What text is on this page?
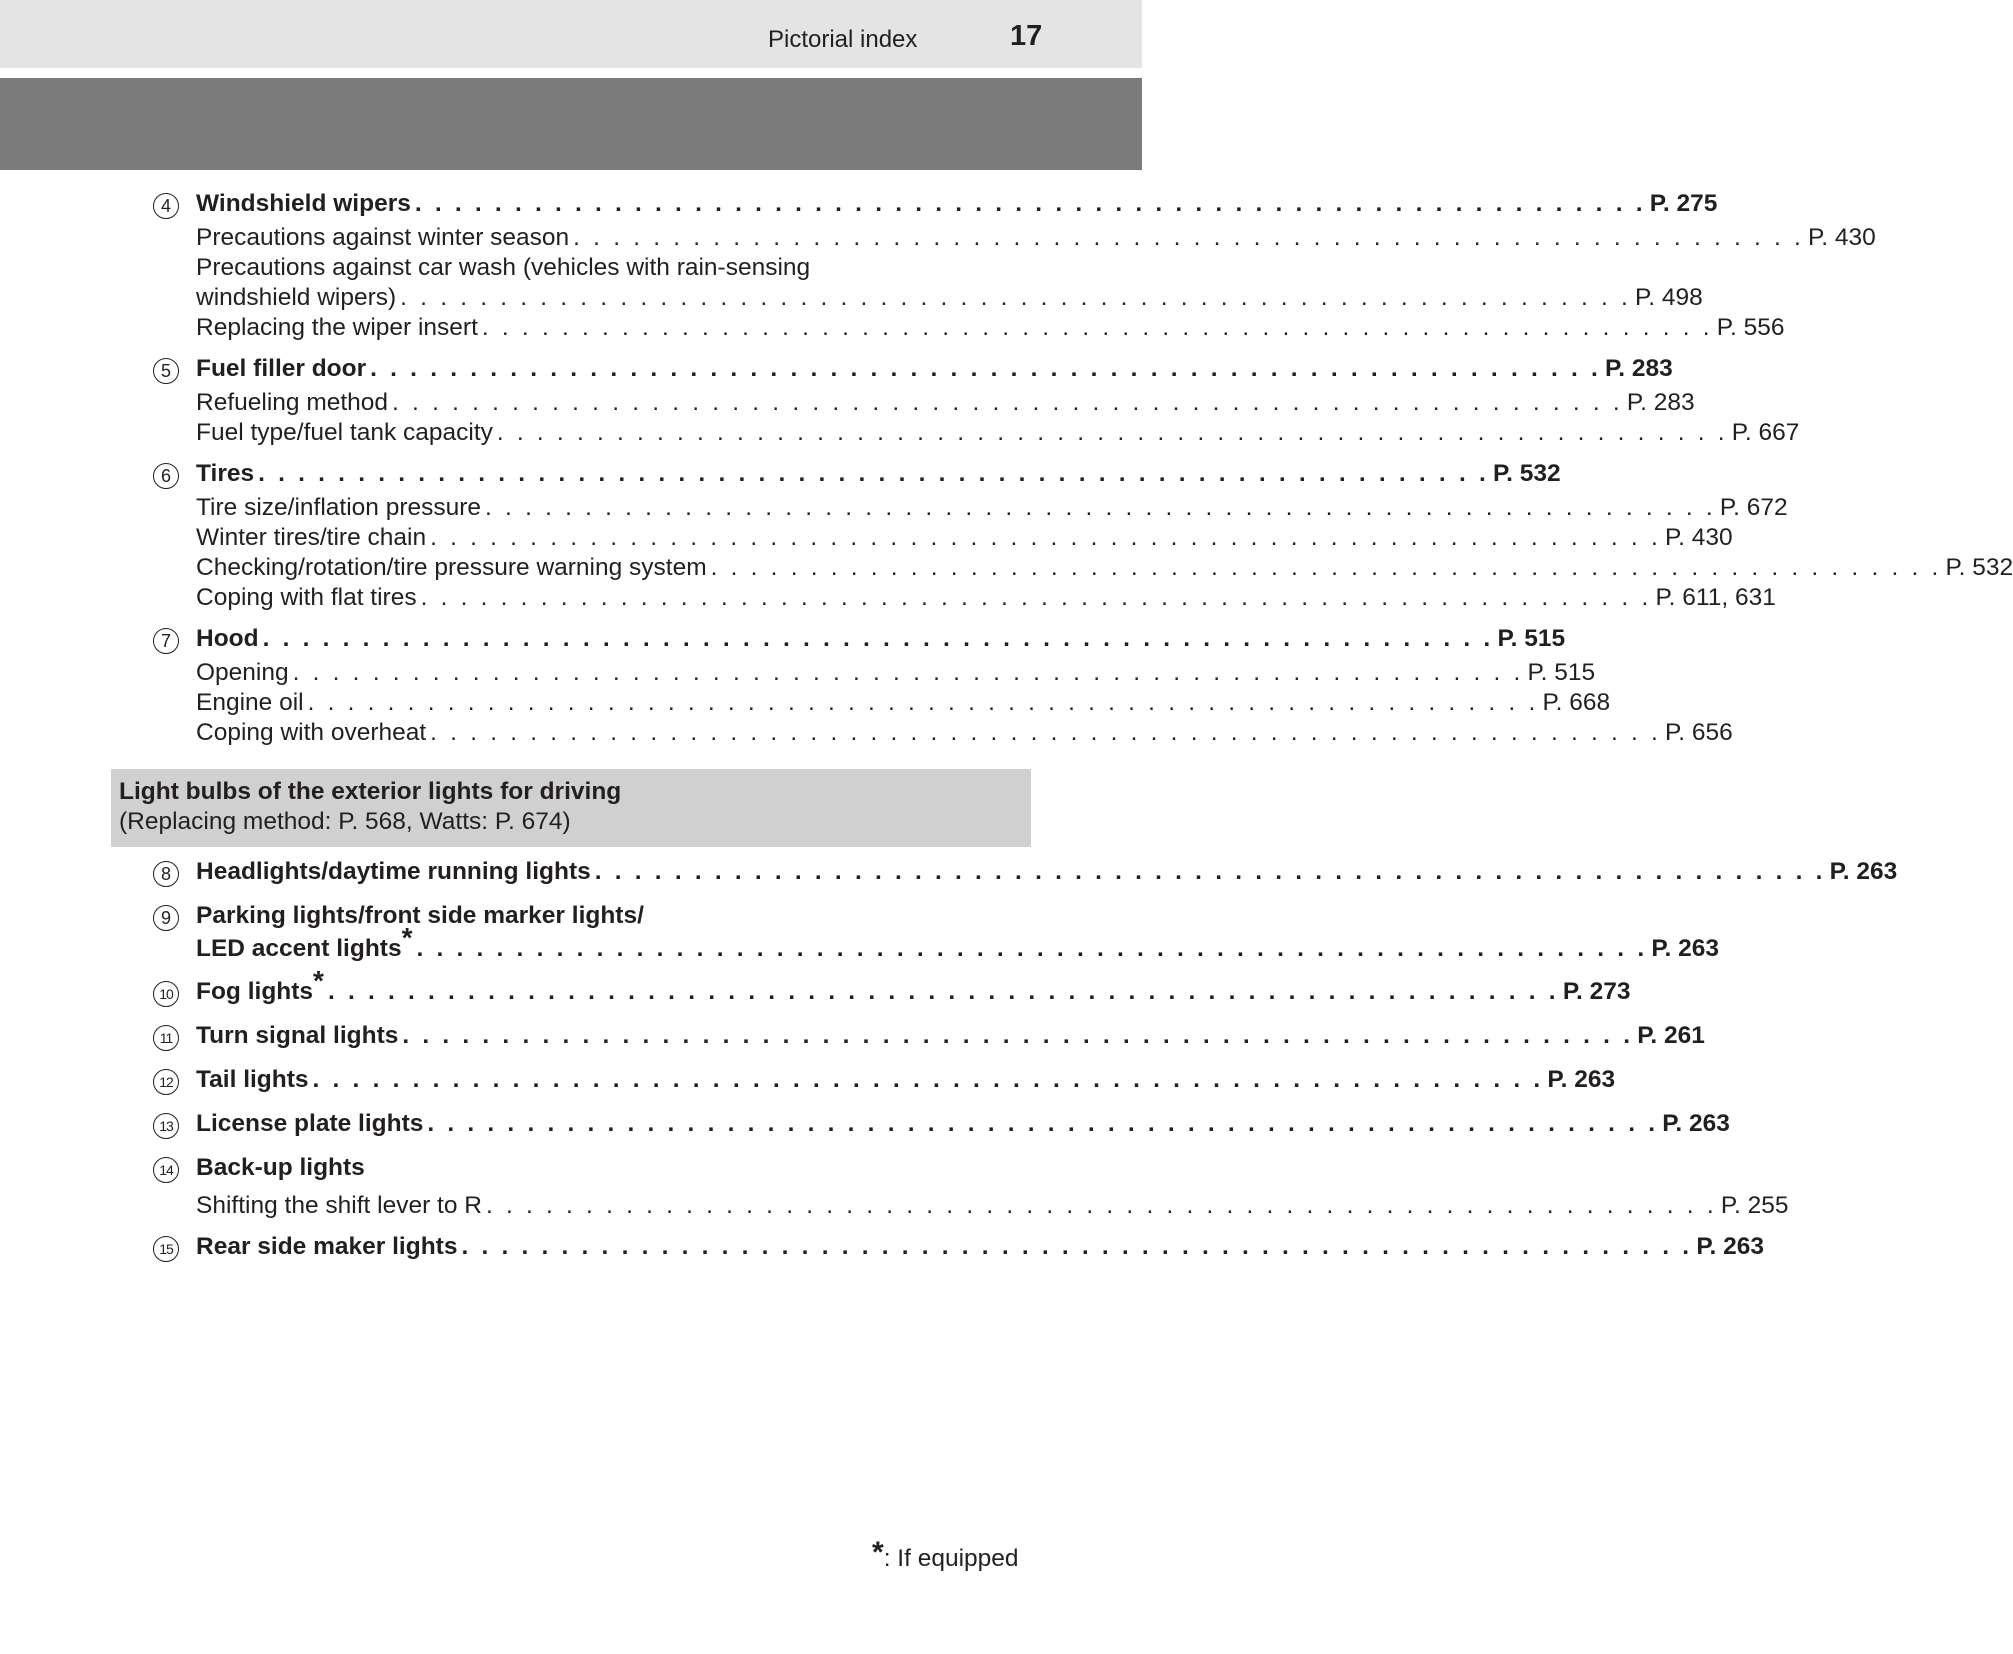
Pictorial index	17
4	Windshield wipers . . . . . . . . . . . . . . . . . . . . . . . . . . . . . . . . . . . . . . . . . . . . . . . . . . . . . . . . . . . . . . P. 275
Precautions against winter season . . . . . . . . . . . . . . . . . . . . . . . . . . . . . . . . . . . . . . . . . . . . . . . . . . . . . . . . . . . . . . P. 430
Precautions against car wash (vehicles with rain-sensing
windshield wipers) . . . . . . . . . . . . . . . . . . . . . . . . . . . . . . . . . . . . . . . . . . . . . . . . . . . . . . . . . . . . . . P. 498
Replacing the wiper insert . . . . . . . . . . . . . . . . . . . . . . . . . . . . . . . . . . . . . . . . . . . . . . . . . . . . . . . . . . . . . . P. 556
5	Fuel filler door . . . . . . . . . . . . . . . . . . . . . . . . . . . . . . . . . . . . . . . . . . . . . . . . . . . . . . . . . . . . . . P. 283
Refueling method . . . . . . . . . . . . . . . . . . . . . . . . . . . . . . . . . . . . . . . . . . . . . . . . . . . . . . . . . . . . . . P. 283
Fuel type/fuel tank capacity . . . . . . . . . . . . . . . . . . . . . . . . . . . . . . . . . . . . . . . . . . . . . . . . . . . . . . . . . . . . . . P. 667
6	Tires . . . . . . . . . . . . . . . . . . . . . . . . . . . . . . . . . . . . . . . . . . . . . . . . . . . . . . . . . . . . . . P. 532
Tire size/inflation pressure . . . . . . . . . . . . . . . . . . . . . . . . . . . . . . . . . . . . . . . . . . . . . . . . . . . . . . . . . . . . . . P. 672
Winter tires/tire chain . . . . . . . . . . . . . . . . . . . . . . . . . . . . . . . . . . . . . . . . . . . . . . . . . . . . . . . . . . . . . . P. 430
Checking/rotation/tire pressure warning system . . . . . . . . . . . . . . . . . . . . . . . . . . . . . . . . . . . . . . . . . . . . . . . . . . . . . . . . . . . . . . P. 532
Coping with flat tires . . . . . . . . . . . . . . . . . . . . . . . . . . . . . . . . . . . . . . . . . . . . . . . . . . . . . . . . . . . . . . P. 611, 631
7	Hood . . . . . . . . . . . . . . . . . . . . . . . . . . . . . . . . . . . . . . . . . . . . . . . . . . . . . . . . . . . . . . P. 515
Opening . . . . . . . . . . . . . . . . . . . . . . . . . . . . . . . . . . . . . . . . . . . . . . . . . . . . . . . . . . . . . . P. 515
Engine oil . . . . . . . . . . . . . . . . . . . . . . . . . . . . . . . . . . . . . . . . . . . . . . . . . . . . . . . . . . . . . . P. 668
Coping with overheat . . . . . . . . . . . . . . . . . . . . . . . . . . . . . . . . . . . . . . . . . . . . . . . . . . . . . . . . . . . . . . P. 656
Light bulbs of the exterior lights for driving
(Replacing method: P. 568, Watts: P. 674)
8	Headlights/daytime running lights . . . . . . . . . . . . . . . . . . . . . . . . . . . . . . . . . . . . . . . . . . . . . . . . . . . . . . . . . . . . . . P. 263
9	Parking lights/front side marker lights/
LED accent lights* . . . . . . . . . . . . . . . . . . . . . . . . . . . . . . . . . . . . . . . . . . . . . . . . . . . . . . . . . . . . . . P. 263
10 Fog lights* . . . . . . . . . . . . . . . . . . . . . . . . . . . . . . . . . . . . . . . . . . . . . . . . . . . . . . . . . . . . . . P. 273
11 Turn signal lights . . . . . . . . . . . . . . . . . . . . . . . . . . . . . . . . . . . . . . . . . . . . . . . . . . . . . . . . . . . . . . P. 261
12 Tail lights . . . . . . . . . . . . . . . . . . . . . . . . . . . . . . . . . . . . . . . . . . . . . . . . . . . . . . . . . . . . . . P. 263
13 License plate lights . . . . . . . . . . . . . . . . . . . . . . . . . . . . . . . . . . . . . . . . . . . . . . . . . . . . . . . . . . . . . . P. 263
14 Back-up lights
Shifting the shift lever to R . . . . . . . . . . . . . . . . . . . . . . . . . . . . . . . . . . . . . . . . . . . . . . . . . . . . . . . . . . . . . . P. 255
15 Rear side maker lights . . . . . . . . . . . . . . . . . . . . . . . . . . . . . . . . . . . . . . . . . . . . . . . . . . . . . . . . . . . . . . P. 263
*: If equipped
